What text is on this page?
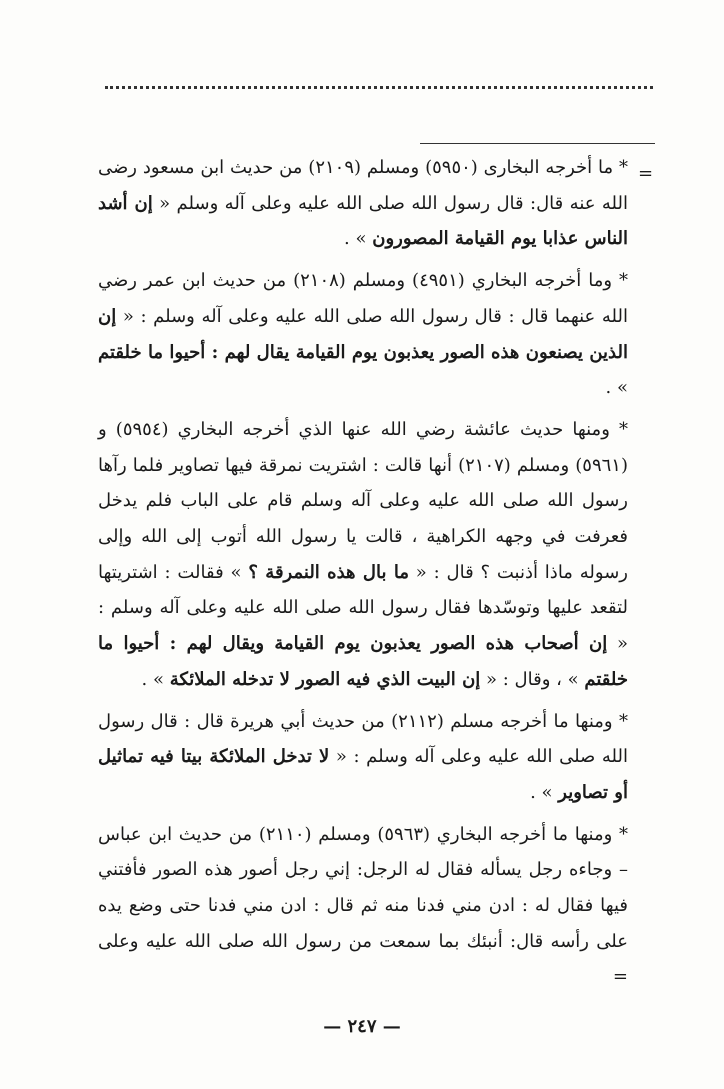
=

* ما أخرجه البخارى (٥٩٥٠) ومسلم (٢١٠٩) من حديث ابن مسعود رضى الله عنه قال: قال رسول الله صلى الله عليه وعلى آله وسلم « إن أشد الناس عذابا يوم القيامة المصورون » .

* وما أخرجه البخاري (٤٩٥١) ومسلم (٢١٠٨) من حديث ابن عمر رضي الله عنهما قال : قال رسول الله صلى الله عليه وعلى آله وسلم : « إن الذين يصنعون هذه الصور يعذبون يوم القيامة يقال لهم : أحيوا ما خلقتم » .

* ومنها حديث عائشة رضي الله عنها الذي أخرجه البخاري (٥٩٥٤) و (٥٩٦١) ومسلم (٢١٠٧) أنها قالت : اشتريت نمرقة فيها تصاوير فلما رآها رسول الله صلى الله عليه وعلى آله وسلم قام على الباب فلم يدخل فعرفت في وجهه الكراهية ، قالت يا رسول الله أتوب إلى الله وإلى رسوله ماذا أذنبت ؟ قال : « ما بال هذه النمرقة ؟ » فقالت : اشتريتها لتقعد عليها وتوسّدها فقال رسول الله صلى الله عليه وعلى آله وسلم : « إن أصحاب هذه الصور يعذبون يوم القيامة ويقال لهم : أحيوا ما خلقتم » ، وقال : « إن البيت الذي فيه الصور لا تدخله الملائكة » .

* ومنها ما أخرجه مسلم (٢١١٢) من حديث أبي هريرة قال : قال رسول الله صلى الله عليه وعلى آله وسلم : « لا تدخل الملائكة بيتا فيه تماثيل أو تصاوير » .

* ومنها ما أخرجه البخاري (٥٩٦٣) ومسلم (٢١١٠) من حديث ابن عباس – وجاءه رجل يسأله فقال له الرجل: إني رجل أصور هذه الصور فأفتني فيها فقال له : ادن مني فدنا منه ثم قال : ادن مني فدنا حتى وضع يده على رأسه قال: أنبئك بما سمعت من رسول الله صلى الله عليه وعلى =

— ٢٤٧ —
